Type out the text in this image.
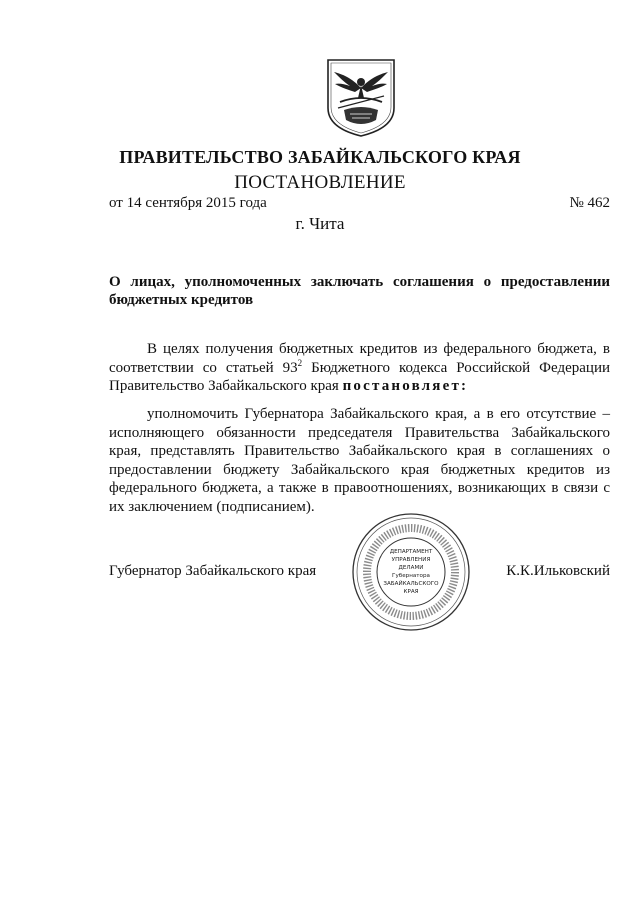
ПРАВИТЕЛЬСТВО ЗАБАЙКАЛЬСКОГО КРАЯ
ПОСТАНОВЛЕНИЕ
от 14 сентября 2015 года	№ 462
г. Чита
О лицах, уполномоченных заключать соглашения о предоставлении
бюджетных кредитов
В целях получения бюджетных кредитов из федерального бюджета, в
соответствии со статьей $93^2$ Бюджетного кодекса Российской Федерации
Правительство Забайкальского края постановляет:
уполномочить Губернатора Забайкальского края, а в его отсутствие –
исполняющего обязанности председателя Правительства Забайкальского
края, представлять Правительство Забайкальского края в соглашениях о
предоставлении бюджету Забайкальского края бюджетных кредитов из
федерального бюджета, а также в правоотношениях, возникающих в связи с
их заключением (подписанием).
Губернатор Забайкальского края	К.К.Ильковский
ДЕПАРТАМЕНТ
УПРАВЛЕНИЯ
ДЕЛАМИ
Губернатора
ЗАБАЙКАЛЬСКОГО
КРАЯ
